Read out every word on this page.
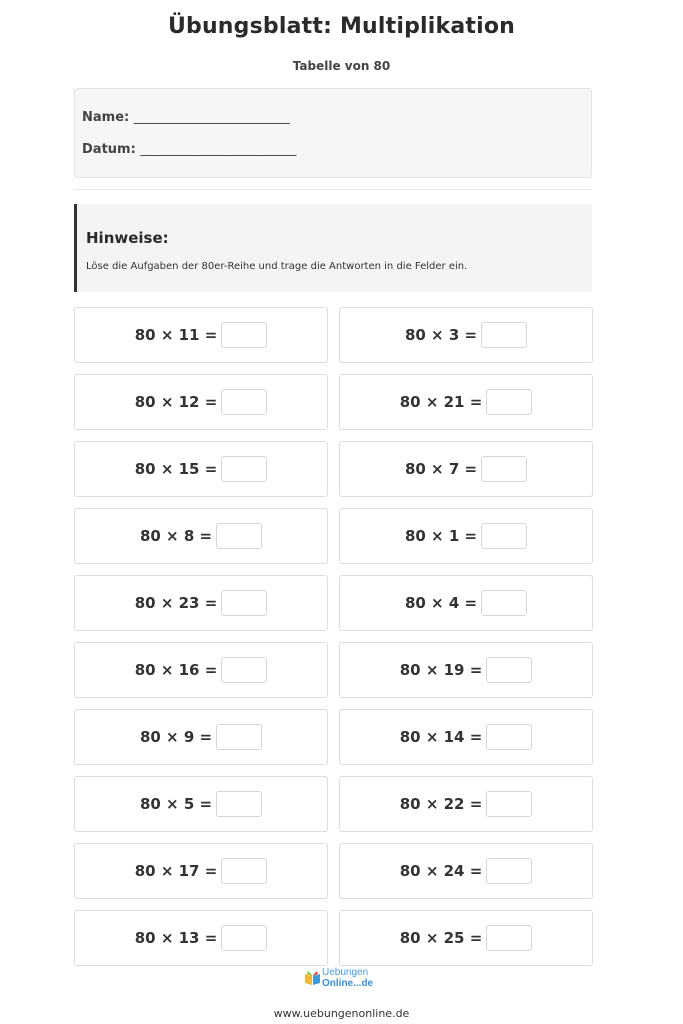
Übungsblatt: Multiplikation
Tabelle von 80
Name: ________________________
Datum: ________________________
Hinweise:
Löse die Aufgaben der 80er-Reihe und trage die Antworten in die Felder ein.
80 × 11 =	80 × 3 =
80 × 12 =	80 × 21 =
80 × 15 =	80 × 7 =
80 × 8 =	80 × 1 =
80 × 23 =	80 × 4 =
80 × 16 =	80 × 19 =
80 × 9 =	80 × 14 =
80 × 5 =	80 × 22 =
80 × 17 =	80 × 24 =
80 × 13 =	80 × 25 =
Uebungen
Online...de
www.uebungenonline.de
